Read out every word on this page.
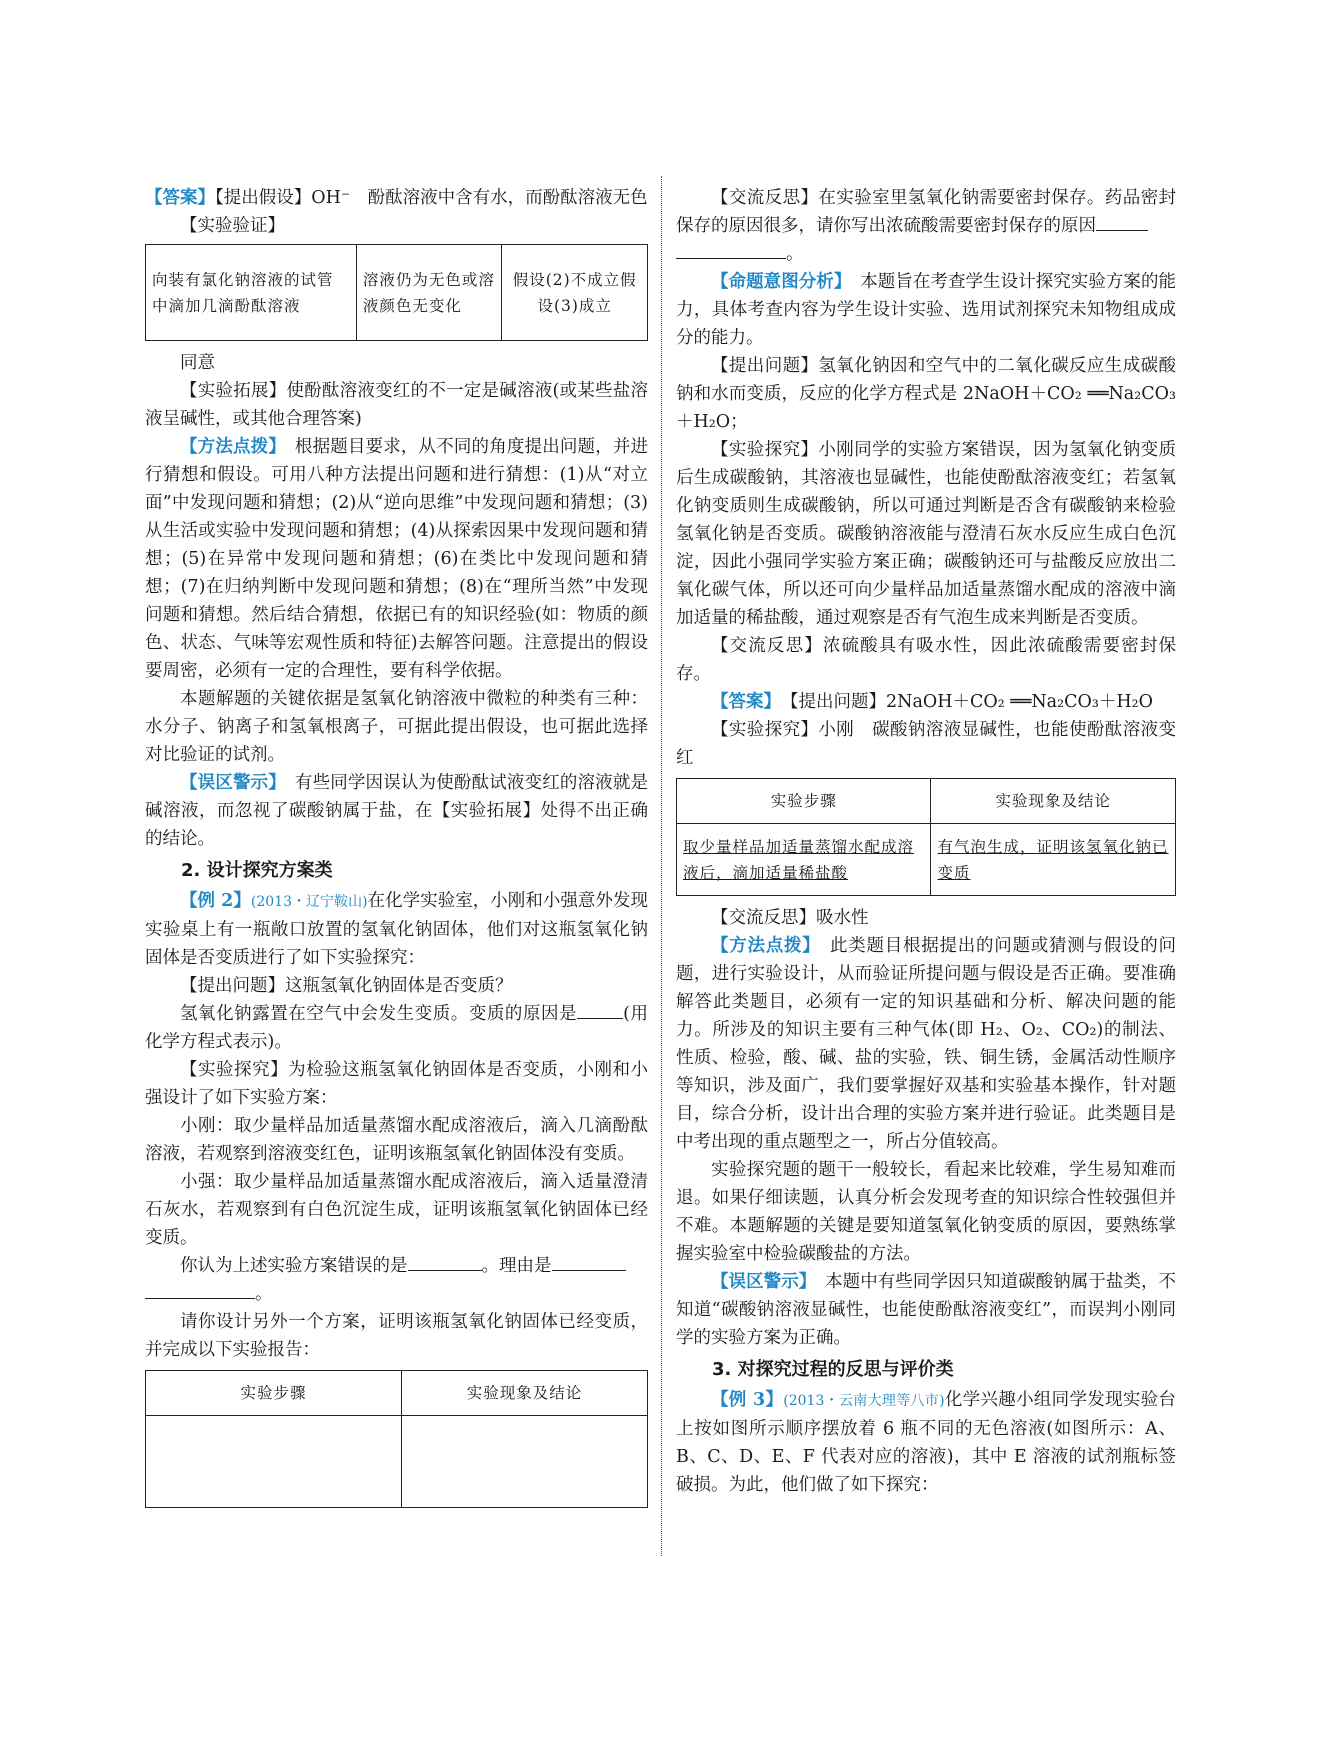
【答案】【提出假设】OH⁻　酚酞溶液中含有水，而酚酞溶液无色

【实验验证】

向装有氯化钠溶液的试管中滴加几滴酚酞溶液	溶液仍为无色或溶液颜色无变化	假设(2)不成立假设(3)成立

同意

【实验拓展】使酚酞溶液变红的不一定是碱溶液(或某些盐溶液呈碱性，或其他合理答案)

【方法点拨】　 根据题目要求，从不同的角度提出问题，并进行猜想和假设。可用八种方法提出问题和进行猜想：(1)从“对立面”中发现问题和猜想；(2)从“逆向思维”中发现问题和猜想；(3)从生活或实验中发现问题和猜想；(4)从探索因果中发现问题和猜想；(5)在异常中发现问题和猜想；(6)在类比中发现问题和猜想；(7)在归纳判断中发现问题和猜想；(8)在“理所当然”中发现问题和猜想。然后结合猜想，依据已有的知识经验(如：物质的颜色、状态、气味等宏观性质和特征)去解答问题。注意提出的假设要周密，必须有一定的合理性，要有科学依据。

本题解题的关键依据是氢氧化钠溶液中微粒的种类有三种：水分子、钠离子和氢氧根离子，可据此提出假设，也可据此选择对比验证的试剂。

【误区警示】　 有些同学因误认为使酚酞试液变红的溶液就是碱溶液，而忽视了碳酸钠属于盐，在【实验拓展】处得不出正确的结论。

2. 设计探究方案类

【例 2】(2013・辽宁鞍山)在化学实验室，小刚和小强意外发现实验桌上有一瓶敞口放置的氢氧化钠固体，他们对这瓶氢氧化钠固体是否变质进行了如下实验探究：

【提出问题】这瓶氢氧化钠固体是否变质？

氢氧化钠露置在空气中会发生变质。变质的原因是	(用化学方程式表示)。

【实验探究】为检验这瓶氢氧化钠固体是否变质，小刚和小强设计了如下实验方案：

小刚：取少量样品加适量蒸馏水配成溶液后，滴入几滴酚酞溶液，若观察到溶液变红色，证明该瓶氢氧化钠固体没有变质。

小强：取少量样品加适量蒸馏水配成溶液后，滴入适量澄清石灰水，若观察到有白色沉淀生成，证明该瓶氢氧化钠固体已经变质。

你认为上述实验方案错误的是	。理由是
。

请你设计另外一个方案，证明该瓶氢氧化钠固体已经变质，并完成以下实验报告：

实验步骤	实验现象及结论

【交流反思】在实验室里氢氧化钠需要密封保存。药品密封保存的原因很多，请你写出浓硫酸需要密封保存的原因
。

【命题意图分析】　 本题旨在考查学生设计探究实验方案的能力，具体考查内容为学生设计实验、选用试剂探究未知物组成成分的能力。

【提出问题】氢氧化钠因和空气中的二氧化碳反应生成碳酸钠和水而变质，反应的化学方程式是 2NaOH＋CO₂ ══Na₂CO₃＋H₂O；

【实验探究】小刚同学的实验方案错误，因为氢氧化钠变质后生成碳酸钠，其溶液也显碱性，也能使酚酞溶液变红；若氢氧化钠变质则生成碳酸钠，所以可通过判断是否含有碳酸钠来检验氢氧化钠是否变质。碳酸钠溶液能与澄清石灰水反应生成白色沉淀，因此小强同学实验方案正确；碳酸钠还可与盐酸反应放出二氧化碳气体，所以还可向少量样品加适量蒸馏水配成的溶液中滴加适量的稀盐酸，通过观察是否有气泡生成来判断是否变质。

【交流反思】浓硫酸具有吸水性，因此浓硫酸需要密封保存。

【答案】　 【提出问题】2NaOH＋CO₂ ══Na₂CO₃＋H₂O

【实验探究】小刚　碳酸钠溶液显碱性，也能使酚酞溶液变红

实验步骤	实验现象及结论
取少量样品加适量蒸馏水配成溶液后，滴加适量稀盐酸	有气泡生成，证明该氢氧化钠已变质

【交流反思】吸水性

【方法点拨】　 此类题目根据提出的问题或猜测与假设的问题，进行实验设计，从而验证所提问题与假设是否正确。要准确解答此类题目，必须有一定的知识基础和分析、解决问题的能力。所涉及的知识主要有三种气体(即 H₂、O₂、CO₂)的制法、性质、检验，酸、碱、盐的实验，铁、铜生锈，金属活动性顺序等知识，涉及面广，我们要掌握好双基和实验基本操作，针对题目，综合分析，设计出合理的实验方案并进行验证。此类题目是中考出现的重点题型之一，所占分值较高。

实验探究题的题干一般较长，看起来比较难，学生易知难而退。如果仔细读题，认真分析会发现考查的知识综合性较强但并不难。本题解题的关键是要知道氢氧化钠变质的原因，要熟练掌握实验室中检验碳酸盐的方法。

【误区警示】　 本题中有些同学因只知道碳酸钠属于盐类，不知道“碳酸钠溶液显碱性，也能使酚酞溶液变红”，而误判小刚同学的实验方案为正确。

3. 对探究过程的反思与评价类

【例 3】(2013・云南大理等八市)化学兴趣小组同学发现实验台上按如图所示顺序摆放着 6 瓶不同的无色溶液(如图所示：A、B、C、D、E、F 代表对应的溶液)，其中 E 溶液的试剂瓶标签破损。为此，他们做了如下探究：
